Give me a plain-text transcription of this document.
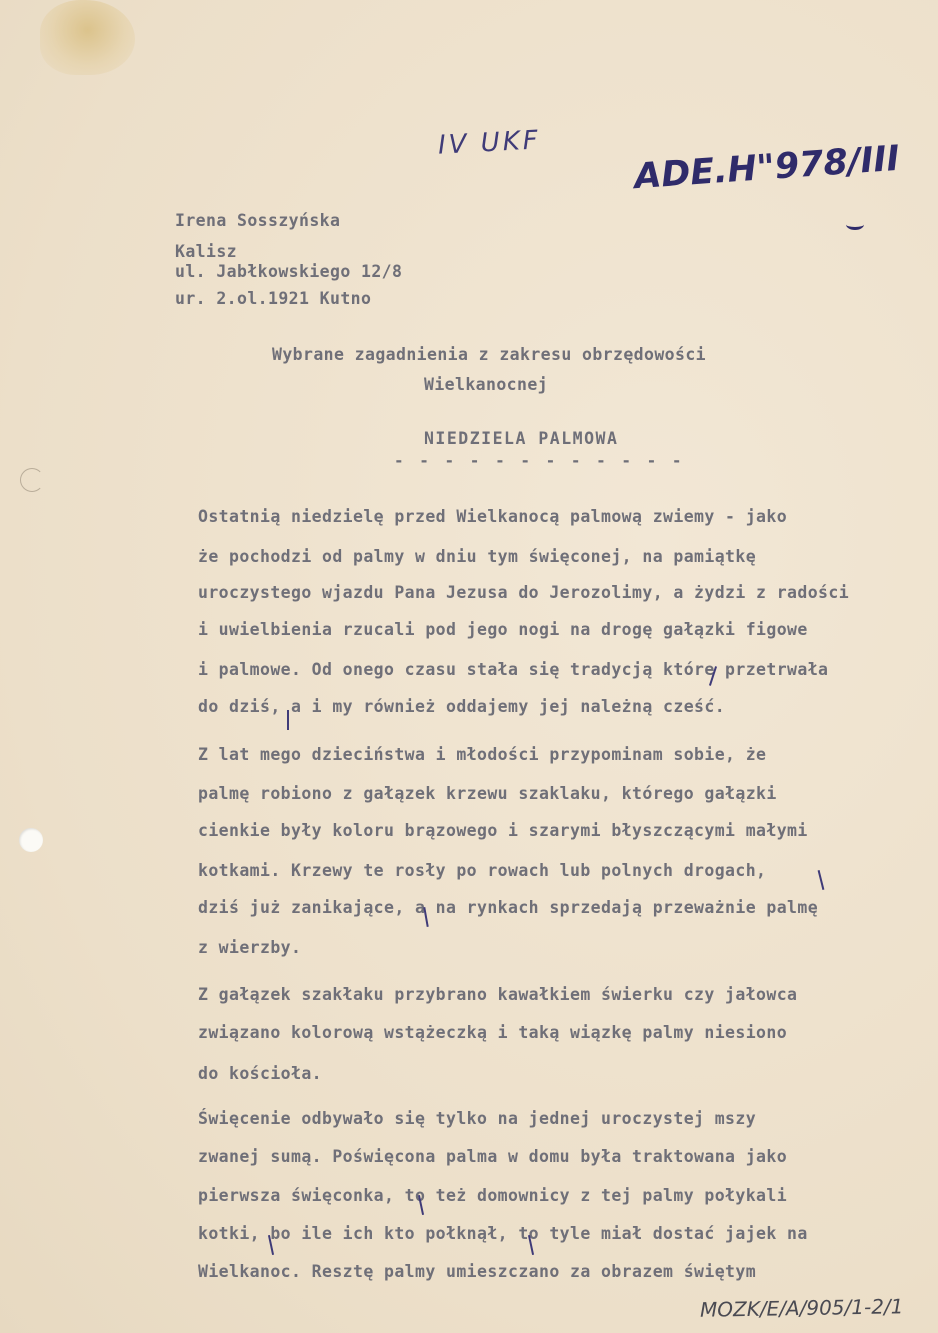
IV UKF	ADE.H"978/III
Irena Sosszyńska
Kalisz
ul. Jabłkowskiego 12/8
ur. 2.ol.1921 Kutno
Wybrane zagadnienia z zakresu obrzędowości
Wielkanocnej
NIEDZIELA PALMOWA
- - - - - - - - - - - -
Ostatnią niedzielę przed Wielkanocą palmową zwiemy - jako
że pochodzi od palmy w dniu tym święconej, na pamiątkę
uroczystego wjazdu Pana Jezusa do Jerozolimy, a żydzi z radości
i uwielbienia rzucali pod jego nogi na drogę gałązki figowe
i palmowe. Od onego czasu stała się tradycją które przetrwała
do dziś, a i my również oddajemy jej należną cześć.
Z lat mego dzieciństwa i młodości przypominam sobie, że
palmę robiono z gałązek krzewu szaklaku, którego gałązki
cienkie były koloru brązowego i szarymi błyszczącymi małymi
kotkami. Krzewy te rosły po rowach lub polnych drogach,
dziś już zanikające, a na rynkach sprzedają przeważnie palmę
z wierzby.
Z gałązek szakłaku przybrano kawałkiem świerku czy jałowca
związano kolorową wstążeczką i taką wiązkę palmy niesiono
do kościoła.
Święcenie odbywało się tylko na jednej uroczystej mszy
zwanej sumą. Poświęcona palma w domu była traktowana jako
pierwsza święconka, to też domownicy z tej palmy połykali
kotki, bo ile ich kto połknął, to tyle miał dostać jajek na
Wielkanoc. Resztę palmy umieszczano za obrazem świętym
MOZK/E/A/905/1-2/1
